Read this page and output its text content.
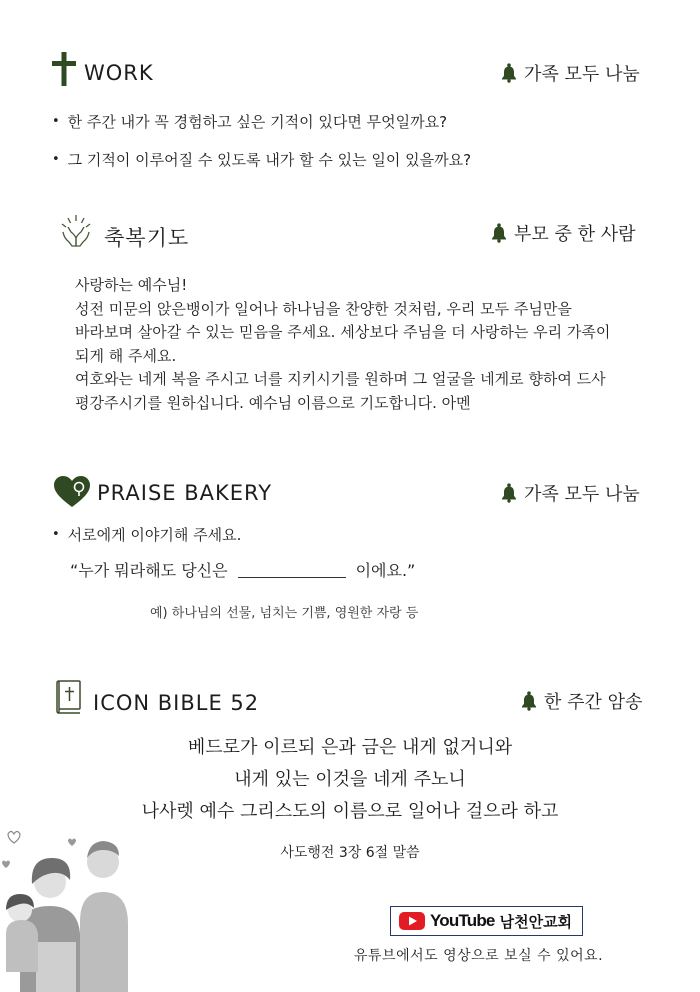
WORK	가족 모두 나눔
• 한 주간 내가 꼭 경험하고 싶은 기적이 있다면 무엇일까요?
• 그 기적이 이루어질 수 있도록 내가 할 수 있는 일이 있을까요?
축복기도	부모 중 한 사람

사랑하는 예수님!

성전 미문의 앉은뱅이가 일어나 하나님을 찬양한 것처럼, 우리 모두 주님만을

바라보며 살아갈 수 있는 믿음을 주세요. 세상보다 주님을 더 사랑하는 우리 가족이

되게 해 주세요.

여호와는 네게 복을 주시고 너를 지키시기를 원하며 그 얼굴을 네게로 향하여 드사

평강주시기를 원하십니다. 예수님 이름으로 기도합니다. 아멘

PRAISE BAKERY	가족 모두 나눔
• 서로에게 이야기해 주세요.
“누가 뭐라해도 당신은	이에요.”
예) 하나님의 선물, 넘치는 기쁨, 영원한 자랑 등
ICON BIBLE 52	한 주간 암송

베드로가 이르되 은과 금은 내게 없거니와

내게 있는 이것을 네게 주노니

나사렛 예수 그리스도의 이름으로 일어나 걸으라 하고

사도행전 3장 6절 말씀
YouTube 남천안교회
유튜브에서도 영상으로 보실 수 있어요.
